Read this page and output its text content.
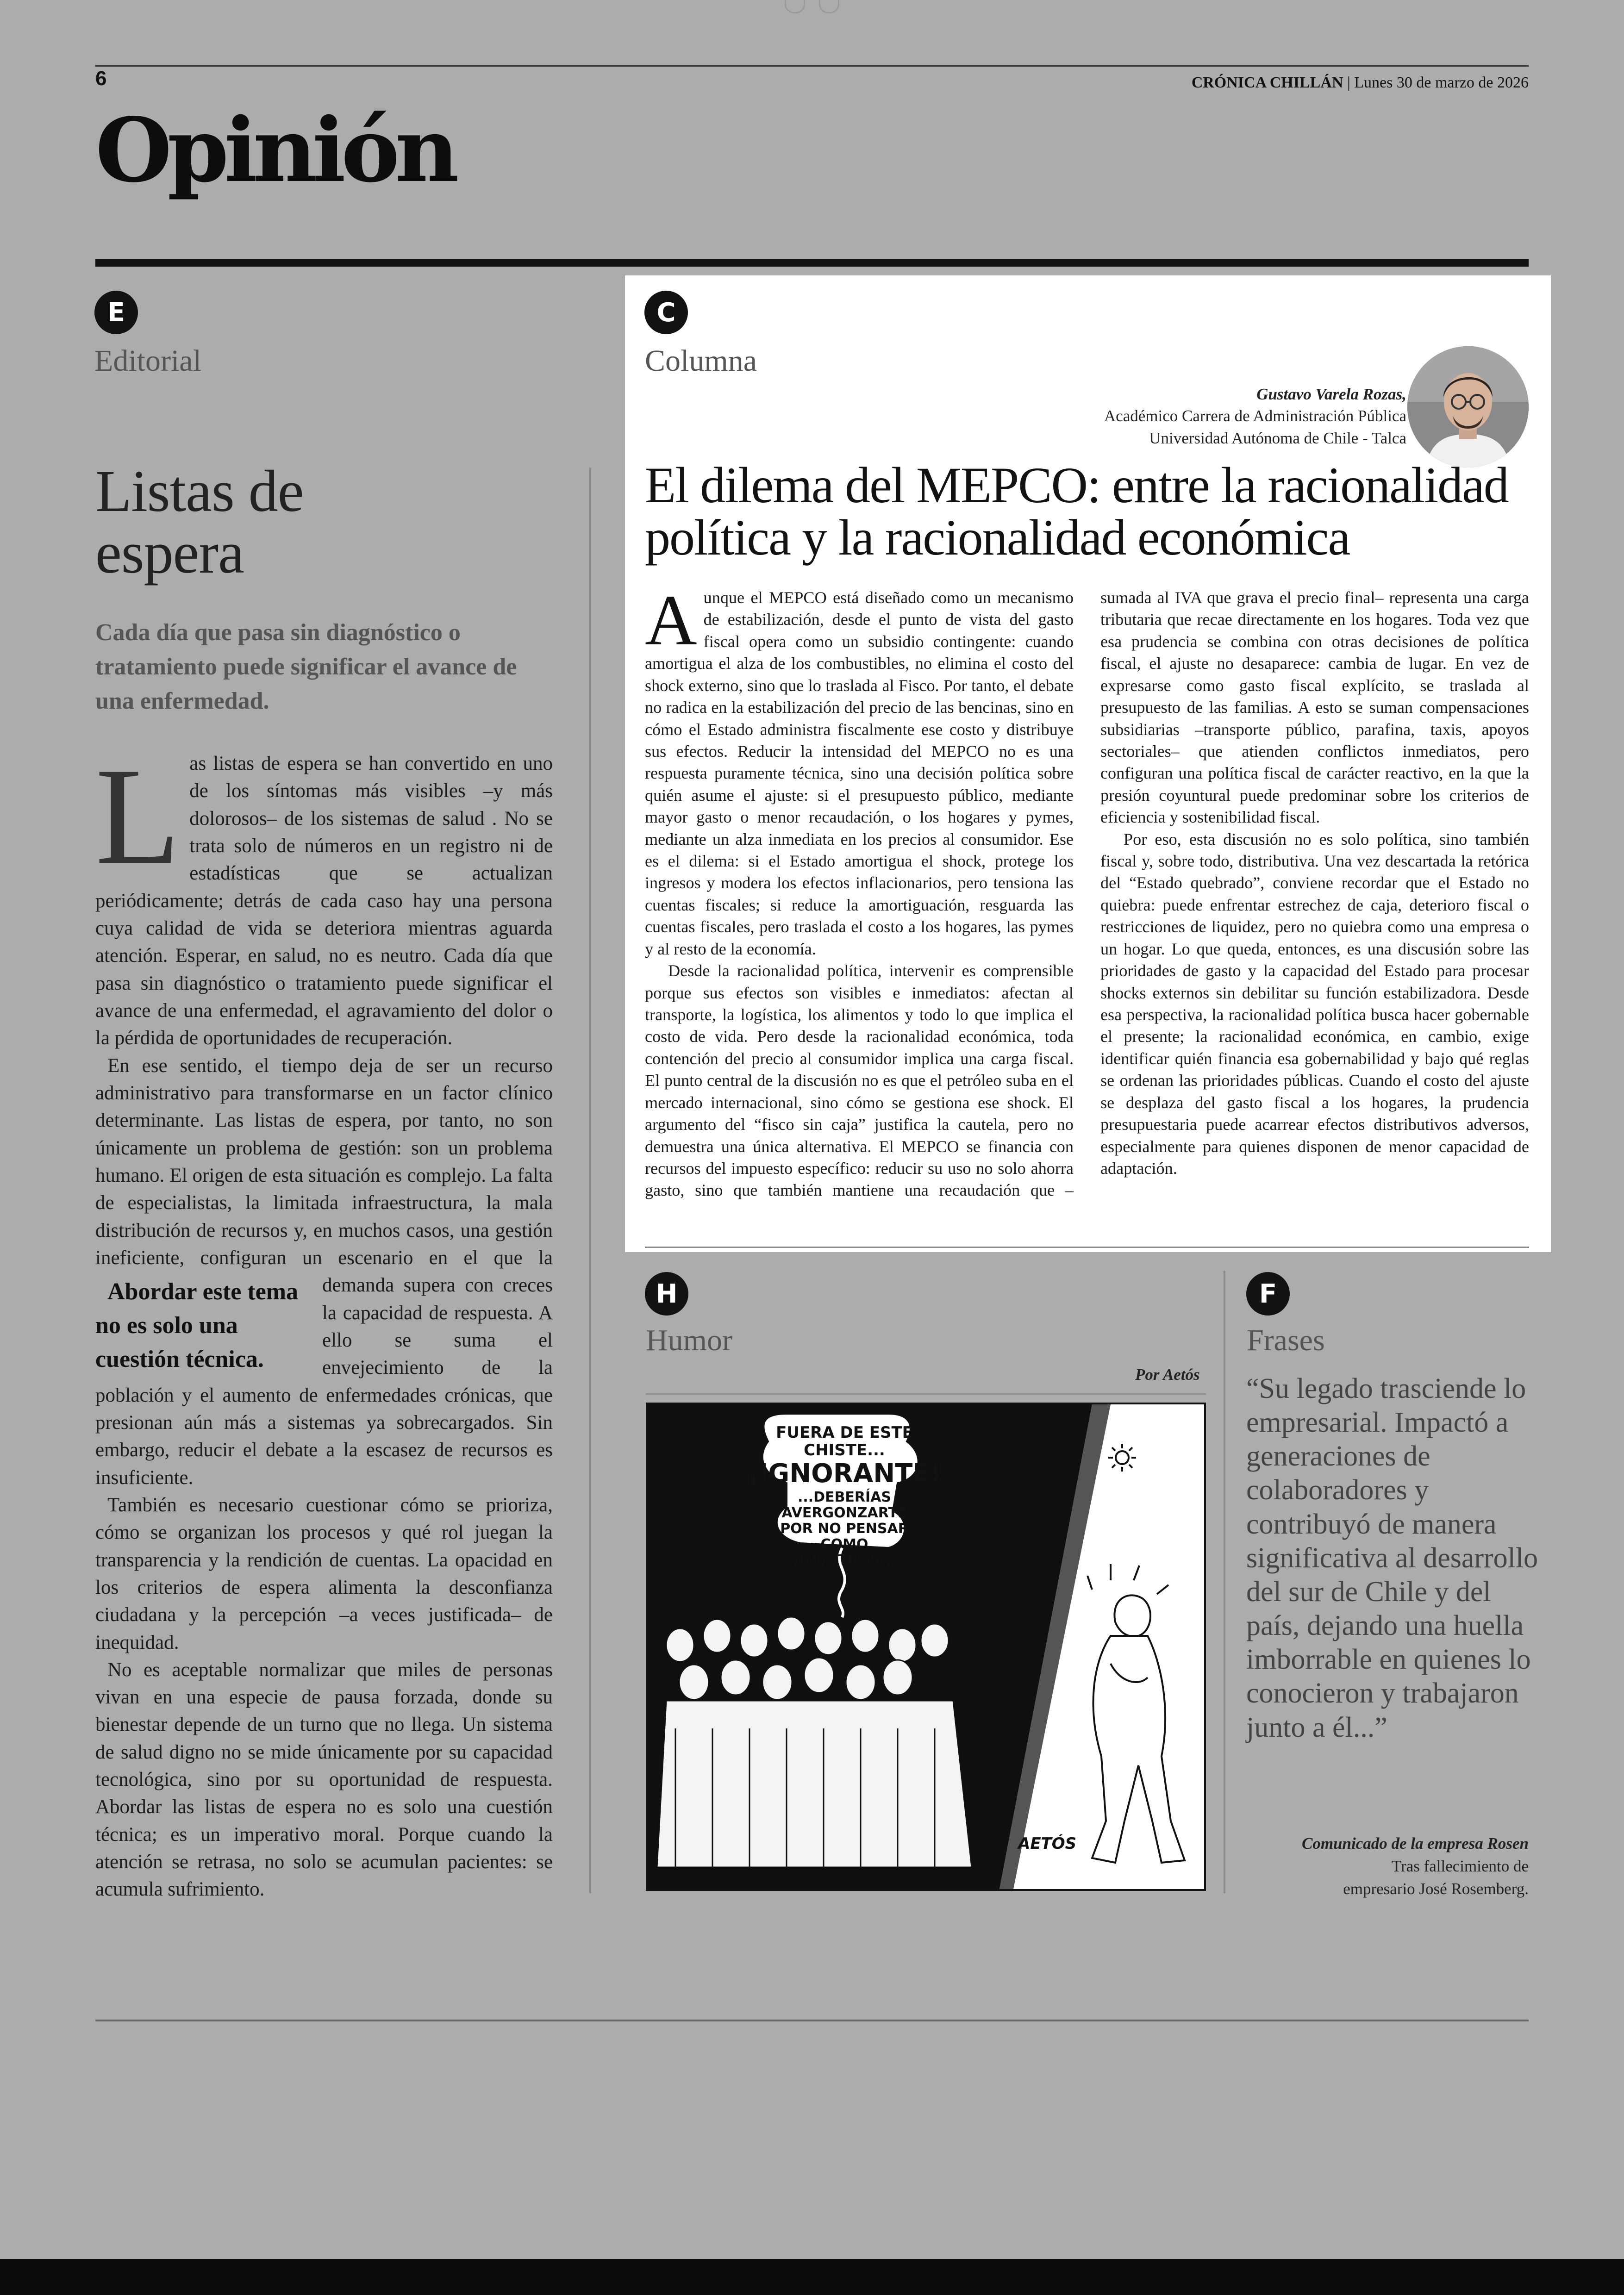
6	CRÓNICA CHILLÁN | Lunes 30 de marzo de 2026
Opinión
E
Editorial
Listas de
espera
Cada día que pasa sin diagnóstico o tratamiento puede significar el avance de una enfermedad.

Las listas de espera se han convertido en uno de los síntomas más visibles –y más dolorosos– de los sistemas de salud . No se trata solo de números en un registro ni de estadísticas que se actualizan periódicamente; detrás de cada caso hay una persona cuya calidad de vida se deteriora mientras aguarda atención. Esperar, en salud, no es neutro. Cada día que pasa sin diagnóstico o tratamiento puede significar el avance de una enfermedad, el agravamiento del dolor o la pérdida de oportunidades de recuperación.

En ese sentido, el tiempo deja de ser un recurso administrativo para transformarse en un factor clínico determinante. Las listas de espera, por tanto, no son únicamente un problema de gestión: son un problema humano. El origen de esta situación es complejo. La falta de especialistas, la limitada infraestructura, la mala distribución de recursos y, en muchos casos, una gestión ineficiente, configuran un escenario en
Abordar este tema no es solo una cuestión técnica.
el que la demanda supera con creces la capacidad de respuesta. A ello se suma el envejecimiento de la población y el aumento de enfermedades crónicas, que presionan aún más a sistemas ya sobrecargados. Sin embargo, reducir el debate a la escasez de recursos es insuficiente.

También es necesario cuestionar cómo se prioriza, cómo se organizan los procesos y qué rol juegan la transparencia y la rendición de cuentas. La opacidad en los criterios de espera alimenta la desconfianza ciudadana y la percepción –a veces justificada– de inequidad.

No es aceptable normalizar que miles de personas vivan en una especie de pausa forzada, donde su bienestar depende de un turno que no llega. Un sistema de salud digno no se mide únicamente por su capacidad tecnológica, sino por su oportunidad de respuesta. Abordar las listas de espera no es solo una cuestión técnica; es un imperativo moral. Porque cuando la atención se retrasa, no solo se acumulan pacientes: se acumula sufrimiento.

C
Columna
Gustavo Varela Rozas,
Académico Carrera de Administración Pública
Universidad Autónoma de Chile - Talca
El dilema del MEPCO: entre la racionalidad política y la racionalidad económica

Aunque el MEPCO está diseñado como un mecanismo de estabilización, desde el punto de vista del gasto fiscal opera como un subsidio contingente: cuando amortigua el alza de los combustibles, no elimina el costo del shock externo, sino que lo traslada al Fisco. Por tanto, el debate no radica en la estabilización del precio de las bencinas, sino en cómo el Estado administra fiscalmente ese costo y distribuye sus efectos. Reducir la intensidad del MEPCO no es una respuesta puramente técnica, sino una decisión política sobre quién asume el ajuste: si el presupuesto público, mediante mayor gasto o menor recaudación, o los hogares y pymes, mediante un alza inmediata en los precios al consumidor. Ese es el dilema: si el Estado amortigua el shock, protege los ingresos y modera los efectos inflacionarios, pero tensiona las cuentas fiscales; si reduce la amortiguación, resguarda las cuentas fiscales, pero traslada el costo a los hogares, las pymes y al resto de la economía.

Desde la racionalidad política, intervenir es comprensible porque sus efectos son visibles e inmediatos: afectan al transporte, la logística, los alimentos y todo lo que implica el costo de vida. Pero desde la racionalidad económica, toda contención del precio al consumidor implica una carga fiscal. El punto central de la discusión no es que el petróleo suba en el mercado internacional, sino cómo se gestiona ese shock. El argumento del “fisco sin caja” justifica la cautela, pero no demuestra una única alternativa. El MEPCO se financia con recursos del impuesto específico: reducir su uso no solo ahorra gasto, sino que también mantiene una recaudación que –sumada al IVA que grava el precio final– representa una carga tributaria que recae directamente en los hogares. Toda vez que esa prudencia se combina con otras decisiones de política fiscal, el ajuste no desaparece: cambia de lugar. En vez de expresarse como gasto fiscal explícito, se traslada al presupuesto de las familias. A esto se suman compensaciones subsidiarias –transporte público, parafina, taxis, apoyos sectoriales– que atienden conflictos inmediatos, pero configuran una política fiscal de carácter reactivo, en la que la presión coyuntural puede predominar sobre los criterios de eficiencia y sostenibilidad fiscal.

Por eso, esta discusión no es solo política, sino también fiscal y, sobre todo, distributiva. Una vez descartada la retórica del “Estado quebrado”, conviene recordar que el Estado no quiebra: puede enfrentar estrechez de caja, deterioro fiscal o restricciones de liquidez, pero no quiebra como una empresa o un hogar. Lo que queda, entonces, es una discusión sobre las prioridades de gasto y la capacidad del Estado para procesar shocks externos sin debilitar su función estabilizadora. Desde esa perspectiva, la racionalidad política busca hacer gobernable el presente; la racionalidad económica, en cambio, exige identificar quién financia esa gobernabilidad y bajo qué reglas se ordenan las prioridades públicas. Cuando el costo del ajuste se desplaza del gasto fiscal a los hogares, la prudencia presupuestaria puede acarrear efectos distributivos adversos, especialmente para quienes disponen de menor capacidad de adaptación.

H
Humor
Por Aetós
FUERA DE ESTE
CHISTE...
¡IGNORANTE!
...DEBERÍAS
AVERGONZARTE
POR NO PENSAR
COMO
NOSOTROS...
AETÓS
F
Frases
“Su legado trasciende lo empresarial. Impactó a generaciones de colaboradores y contribuyó de manera significativa al desarrollo del sur de Chile y del país, dejando una huella imborrable en quienes lo conocieron y trabajaron junto a él...”
Comunicado de la empresa Rosen
Tras fallecimiento de
empresario José Rosemberg.
